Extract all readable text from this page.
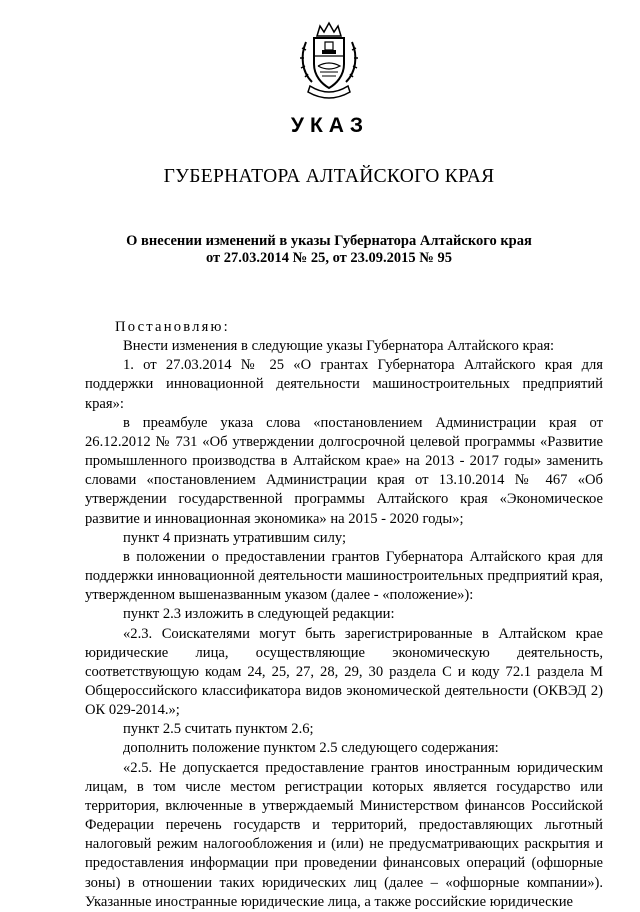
УКАЗ
ГУБЕРНАТОРА АЛТАЙСКОГО КРАЯ
О внесении изменений в указы Губернатора Алтайского края
от 27.03.2014 № 25, от 23.09.2015 № 95

Постановляю:

Внести изменения в следующие указы Губернатора Алтайского края:

1. от 27.03.2014 № 25 «О грантах Губернатора Алтайского края для поддержки инновационной деятельности машиностроительных предприятий края»:

в преамбуле указа слова «постановлением Администрации края от 26.12.2012 № 731 «Об утверждении долгосрочной целевой программы «Развитие промышленного производства в Алтайском крае» на 2013 - 2017 годы» заменить словами «постановлением Администрации края от 13.10.2014 № 467 «Об утверждении государственной программы Алтайского края «Экономическое развитие и инновационная экономика» на 2015 - 2020 годы»;

пункт 4 признать утратившим силу;

в положении о предоставлении грантов Губернатора Алтайского края для поддержки инновационной деятельности машиностроительных предприятий края, утвержденном вышеназванным указом (далее - «положение»):

пункт 2.3 изложить в следующей редакции:

«2.3. Соискателями могут быть зарегистрированные в Алтайском крае юридические лица, осуществляющие экономическую деятельность, соответствующую кодам 24, 25, 27, 28, 29, 30 раздела С и коду 72.1 раздела М Общероссийского классификатора видов экономической деятельности (ОКВЭД 2) ОК 029-2014.»;

пункт 2.5 считать пунктом 2.6;

дополнить положение пунктом 2.5 следующего содержания:

«2.5. Не допускается предоставление грантов иностранным юридическим лицам, в том числе местом регистрации которых является государство или территория, включенные в утверждаемый Министерством финансов Российской Федерации перечень государств и территорий, предоставляющих льготный налоговый режим налогообложения и (или) не предусматривающих раскрытия и предоставления информации при проведении финансовых операций (офшорные зоны) в отношении таких юридических лиц (далее – «офшорные компании»). Указанные иностранные юридические лица, а также российские юридические
